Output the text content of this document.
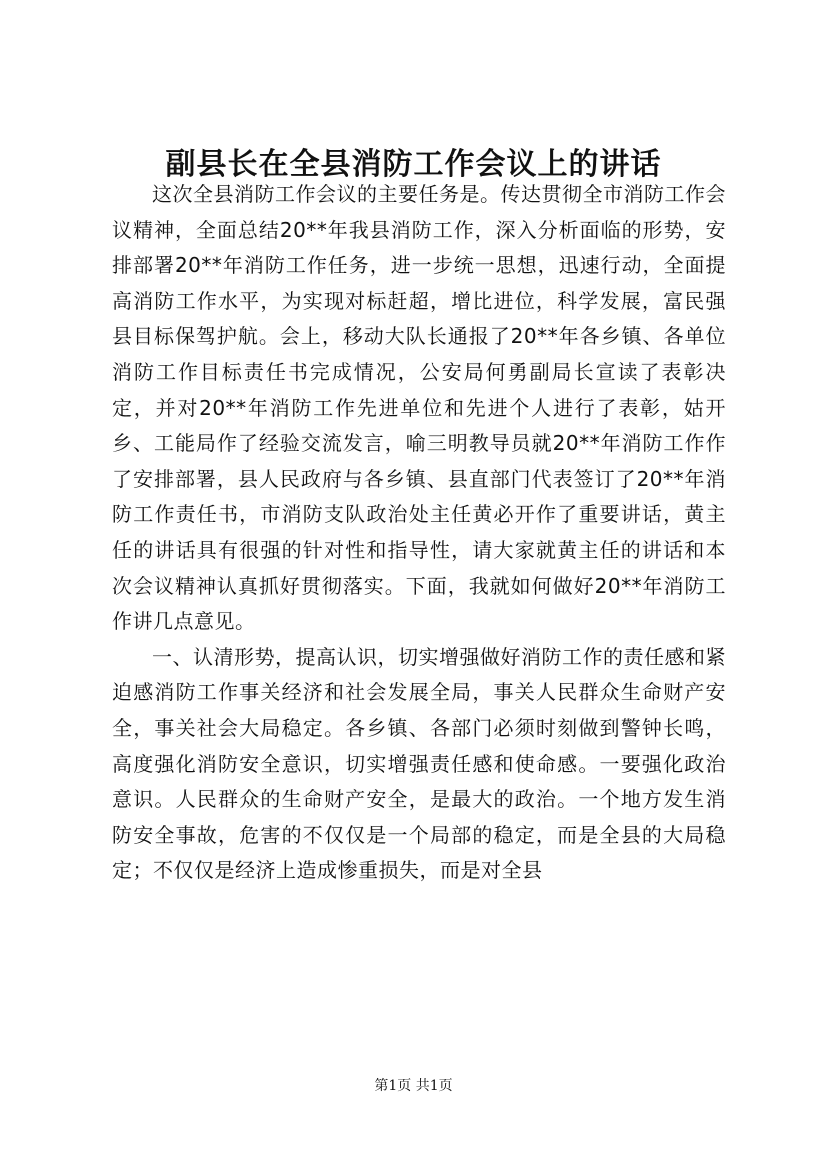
副县长在全县消防工作会议上的讲话

这次全县消防工作会议的主要任务是。传达贯彻全市消防工作会议精神，全面总结20**年我县消防工作，深入分析面临的形势，安排部署20**年消防工作任务，进一步统一思想，迅速行动，全面提高消防工作水平，为实现对标赶超，增比进位，科学发展，富民强县目标保驾护航。会上，移动大队长通报了20**年各乡镇、各单位消防工作目标责任书完成情况，公安局何勇副局长宣读了表彰决定，并对20**年消防工作先进单位和先进个人进行了表彰，姑开乡、工能局作了经验交流发言，喻三明教导员就20**年消防工作作了安排部署，县人民政府与各乡镇、县直部门代表签订了20**年消防工作责任书，市消防支队政治处主任黄必开作了重要讲话，黄主任的讲话具有很强的针对性和指导性，请大家就黄主任的讲话和本次会议精神认真抓好贯彻落实。下面，我就如何做好20**年消防工作讲几点意见。

一、认清形势，提高认识，切实增强做好消防工作的责任感和紧迫感消防工作事关经济和社会发展全局，事关人民群众生命财产安全，事关社会大局稳定。各乡镇、各部门必须时刻做到警钟长鸣，高度强化消防安全意识，切实增强责任感和使命感。一要强化政治意识。人民群众的生命财产安全，是最大的政治。一个地方发生消防安全事故，危害的不仅仅是一个局部的稳定，而是全县的大局稳定；不仅仅是经济上造成惨重损失，而是对全县

第1页 共1页
